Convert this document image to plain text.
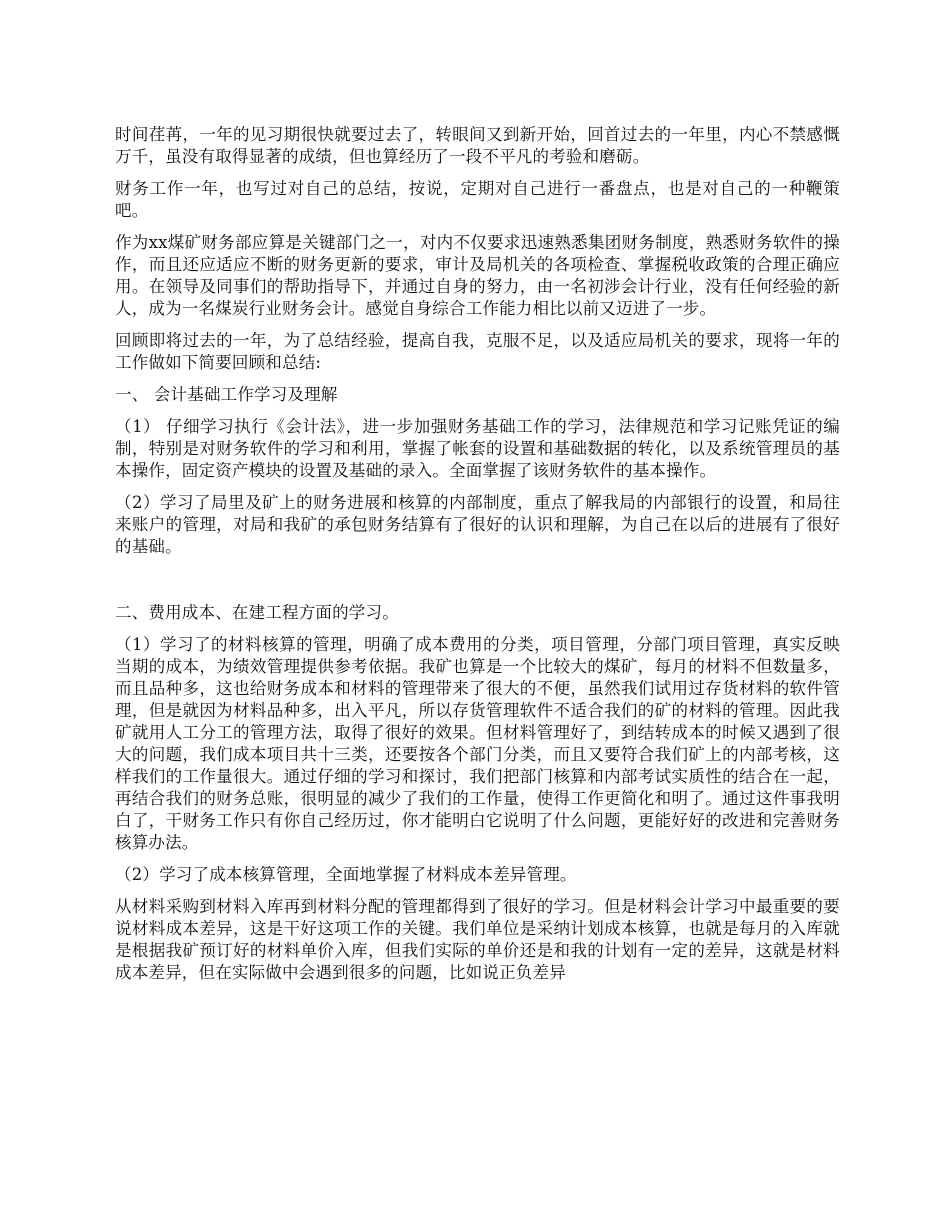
时间荏苒，一年的见习期很快就要过去了，转眼间又到新开始，回首过去的一年里，内心不禁感慨万千，虽没有取得显著的成绩，但也算经历了一段不平凡的考验和磨砺。

财务工作一年，也写过对自己的总结，按说，定期对自己进行一番盘点，也是对自己的一种鞭策吧。

作为xx煤矿财务部应算是关键部门之一，对内不仅要求迅速熟悉集团财务制度，熟悉财务软件的操作，而且还应适应不断的财务更新的要求，审计及局机关的各项检查、掌握税收政策的合理正确应用。在领导及同事们的帮助指导下，并通过自身的努力，由一名初涉会计行业，没有任何经验的新人，成为一名煤炭行业财务会计。感觉自身综合工作能力相比以前又迈进了一步。

回顾即将过去的一年，为了总结经验，提高自我，克服不足，以及适应局机关的要求，现将一年的工作做如下简要回顾和总结:

一、 会计基础工作学习及理解

（1） 仔细学习执行《会计法》，进一步加强财务基础工作的学习，法律规范和学习记账凭证的编制，特别是对财务软件的学习和利用，掌握了帐套的设置和基础数据的转化，以及系统管理员的基本操作，固定资产模块的设置及基础的录入。全面掌握了该财务软件的基本操作。

（2）学习了局里及矿上的财务进展和核算的内部制度，重点了解我局的内部银行的设置，和局往来账户的管理，对局和我矿的承包财务结算有了很好的认识和理解，为自己在以后的进展有了很好的基础。

二、费用成本、在建工程方面的学习。

（1）学习了的材料核算的管理，明确了成本费用的分类，项目管理，分部门项目管理，真实反映当期的成本，为绩效管理提供参考依据。我矿也算是一个比较大的煤矿，每月的材料不但数量多，而且品种多，这也给财务成本和材料的管理带来了很大的不便，虽然我们试用过存货材料的软件管理，但是就因为材料品种多，出入平凡，所以存货管理软件不适合我们的矿的材料的管理。因此我矿就用人工分工的管理方法，取得了很好的效果。但材料管理好了，到结转成本的时候又遇到了很大的问题，我们成本项目共十三类，还要按各个部门分类，而且又要符合我们矿上的内部考核，这样我们的工作量很大。通过仔细的学习和探讨，我们把部门核算和内部考试实质性的结合在一起，再结合我们的财务总账，很明显的减少了我们的工作量，使得工作更简化和明了。通过这件事我明白了，干财务工作只有你自己经历过，你才能明白它说明了什么问题，更能好好的改进和完善财务核算办法。

（2）学习了成本核算管理，全面地掌握了材料成本差异管理。

从材料采购到材料入库再到材料分配的管理都得到了很好的学习。但是材料会计学习中最重要的要说材料成本差异，这是干好这项工作的关键。我们单位是采纳计划成本核算，也就是每月的入库就是根据我矿预订好的材料单价入库，但我们实际的单价还是和我的计划有一定的差异，这就是材料成本差异，但在实际做中会遇到很多的问题，比如说正负差异
